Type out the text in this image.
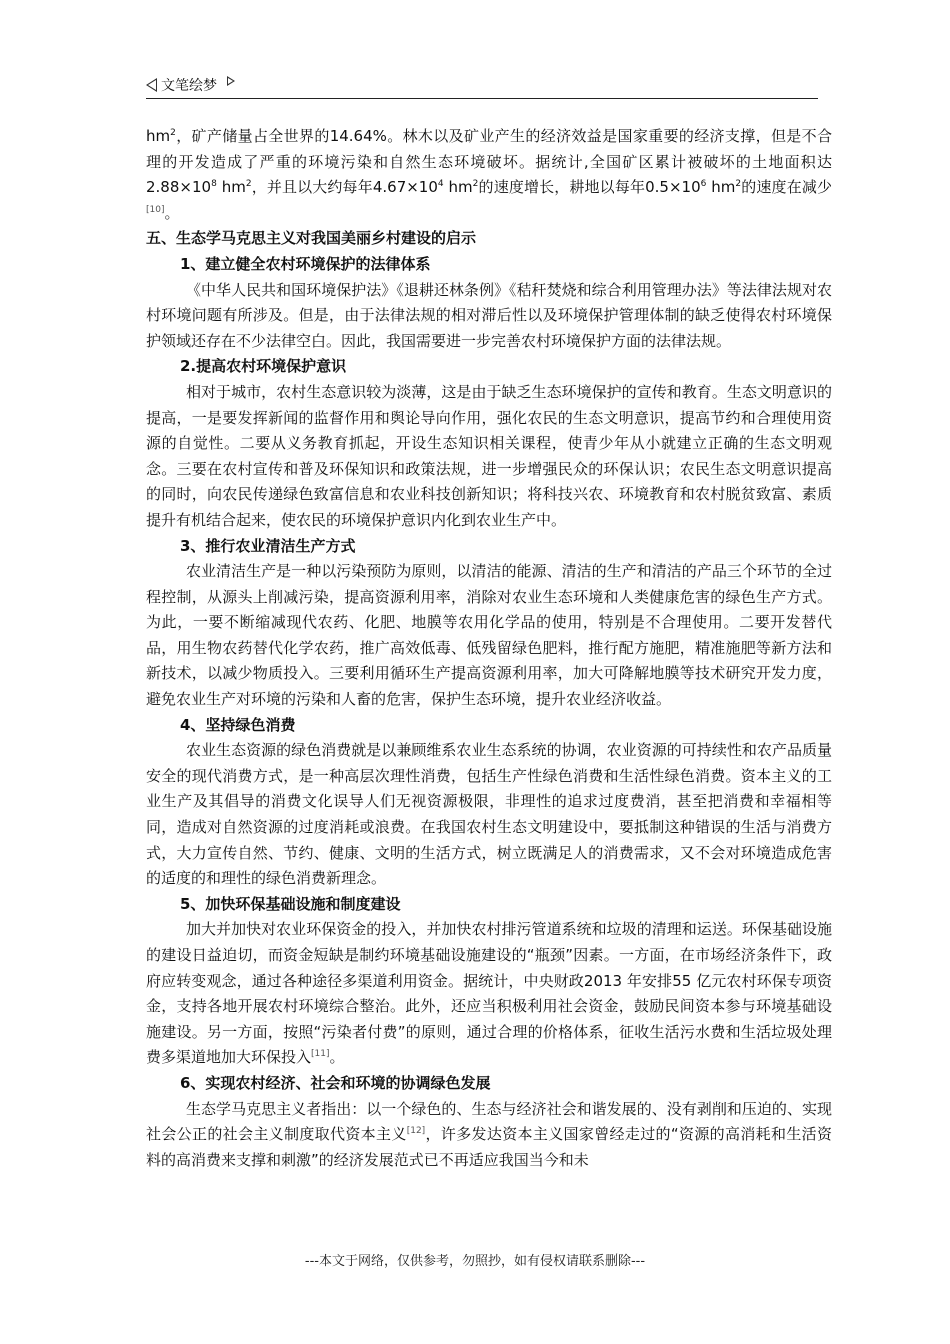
文笔绘梦

$hm^2$，矿产储量占全世界的14.64%。林木以及矿业产生的经济效益是国家重要的经济支撑，但是不合理的开发造成了严重的环境污染和自然生态环境破坏。据统计,全国矿区累计被破坏的土地面积达$2.88\times 10^8$ $hm^2$，并且以大约每年$4.67\times 10^4$ $hm^2$的速度增长，耕地以每年$0.5\times 10^6$ $hm^2$的速度在减少[10]。

五、生态学马克思主义对我国美丽乡村建设的启示

1、建立健全农村环境保护的法律体系

《中华人民共和国环境保护法》《退耕还林条例》《秸秆焚烧和综合利用管理办法》等法律法规对农村环境问题有所涉及。但是，由于法律法规的相对滞后性以及环境保护管理体制的缺乏使得农村环境保护领域还存在不少法律空白。因此，我国需要进一步完善农村环境保护方面的法律法规。

2.提高农村环境保护意识

相对于城市，农村生态意识较为淡薄，这是由于缺乏生态环境保护的宣传和教育。生态文明意识的提高，一是要发挥新闻的监督作用和舆论导向作用，强化农民的生态文明意识，提高节约和合理使用资源的自觉性。二要从义务教育抓起，开设生态知识相关课程，使青少年从小就建立正确的生态文明观念。三要在农村宣传和普及环保知识和政策法规，进一步增强民众的环保认识；农民生态文明意识提高的同时，向农民传递绿色致富信息和农业科技创新知识；将科技兴农、环境教育和农村脱贫致富、素质提升有机结合起来，使农民的环境保护意识内化到农业生产中。

3、推行农业清洁生产方式

农业清洁生产是一种以污染预防为原则，以清洁的能源、清洁的生产和清洁的产品三个环节的全过程控制，从源头上削减污染，提高资源利用率，消除对农业生态环境和人类健康危害的绿色生产方式。为此，一要不断缩减现代农药、化肥、地膜等农用化学品的使用，特别是不合理使用。二要开发替代品，用生物农药替代化学农药，推广高效低毒、低残留绿色肥料，推行配方施肥，精准施肥等新方法和新技术，以减少物质投入。三要利用循环生产提高资源利用率，加大可降解地膜等技术研究开发力度，避免农业生产对环境的污染和人畜的危害，保护生态环境，提升农业经济收益。

4、坚持绿色消费

农业生态资源的绿色消费就是以兼顾维系农业生态系统的协调，农业资源的可持续性和农产品质量安全的现代消费方式，是一种高层次理性消费，包括生产性绿色消费和生活性绿色消费。资本主义的工业生产及其倡导的消费文化误导人们无视资源极限，非理性的追求过度费消，甚至把消费和幸福相等同，造成对自然资源的过度消耗或浪费。在我国农村生态文明建设中，要抵制这种错误的生活与消费方式，大力宣传自然、节约、健康、文明的生活方式，树立既满足人的消费需求，又不会对环境造成危害的适度的和理性的绿色消费新理念。

5、加快环保基础设施和制度建设

加大并加快对农业环保资金的投入，并加快农村排污管道系统和垃圾的清理和运送。环保基础设施的建设日益迫切，而资金短缺是制约环境基础设施建设的“瓶颈”因素。一方面，在市场经济条件下，政府应转变观念，通过各种途径多渠道利用资金。据统计，中央财政2013 年安排55 亿元农村环保专项资金，支持各地开展农村环境综合整治。此外，还应当积极利用社会资金，鼓励民间资本参与环境基础设施建设。另一方面，按照“污染者付费”的原则，通过合理的价格体系，征收生活污水费和生活垃圾处理费多渠道地加大环保投入[11]。

6、实现农村经济、社会和环境的协调绿色发展

生态学马克思主义者指出：以一个绿色的、生态与经济社会和谐发展的、没有剥削和压迫的、实现社会公正的社会主义制度取代资本主义[12]，许多发达资本主义国家曾经走过的“资源的高消耗和生活资料的高消费来支撑和刺激”的经济发展范式已不再适应我国当今和未

---本文于网络，仅供参考，勿照抄，如有侵权请联系删除---
